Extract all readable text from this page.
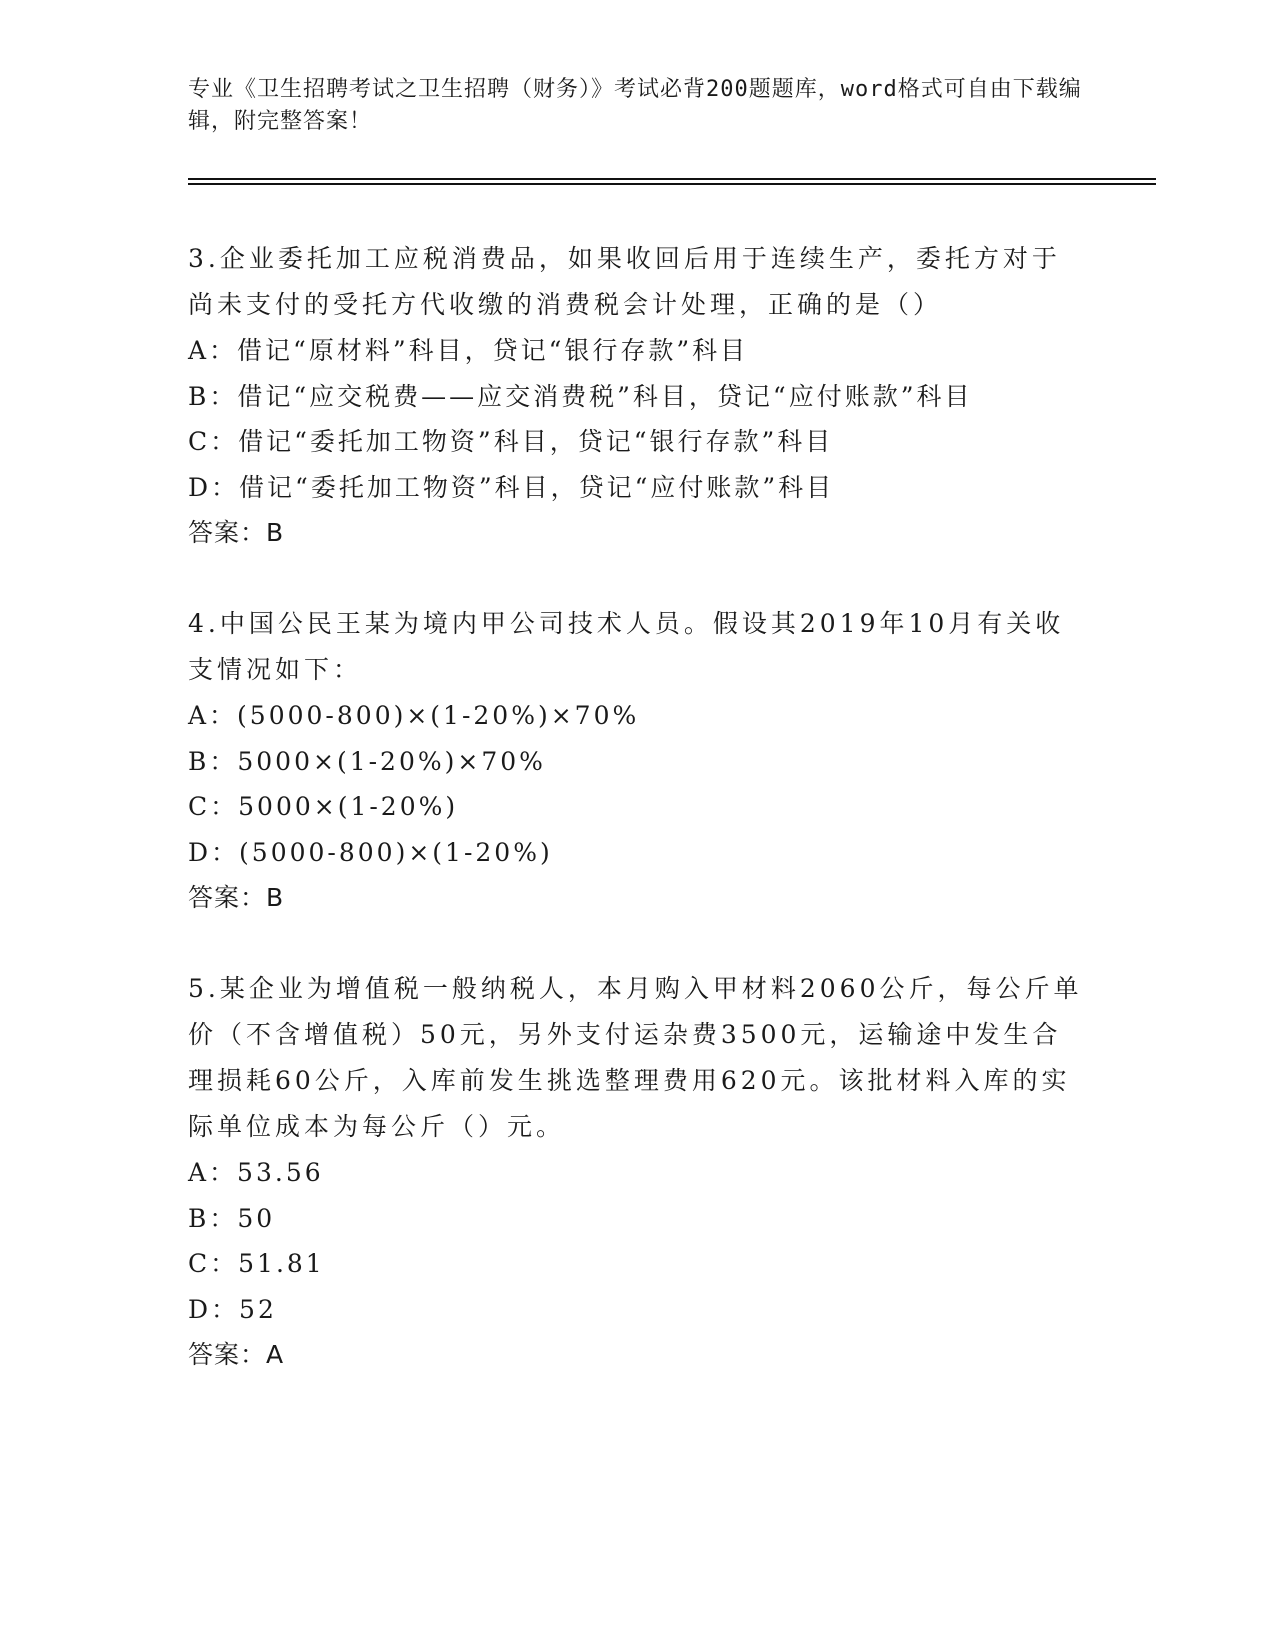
专业《卫生招聘考试之卫生招聘（财务）》考试必背200题题库，word格式可自由下载编辑，附完整答案！

3.企业委托加工应税消费品，如果收回后用于连续生产，委托方对于尚未支付的受托方代收缴的消费税会计处理，正确的是（）

A：借记“原材料”科目，贷记“银行存款”科目

B：借记“应交税费——应交消费税”科目，贷记“应付账款”科目

C：借记“委托加工物资”科目，贷记“银行存款”科目

D：借记“委托加工物资”科目，贷记“应付账款”科目

答案：B

4.中国公民王某为境内甲公司技术人员。假设其2019年10月有关收支情况如下：

A：(5000-800)×(1-20%)×70%

B：5000×(1-20%)×70%

C：5000×(1-20%)

D：(5000-800)×(1-20%)

答案：B

5.某企业为增值税一般纳税人，本月购入甲材料2060公斤，每公斤单价（不含增值税）50元，另外支付运杂费3500元，运输途中发生合理损耗60公斤，入库前发生挑选整理费用620元。该批材料入库的实际单位成本为每公斤（）元。

A：53.56

B：50

C：51.81

D：52

答案：A
